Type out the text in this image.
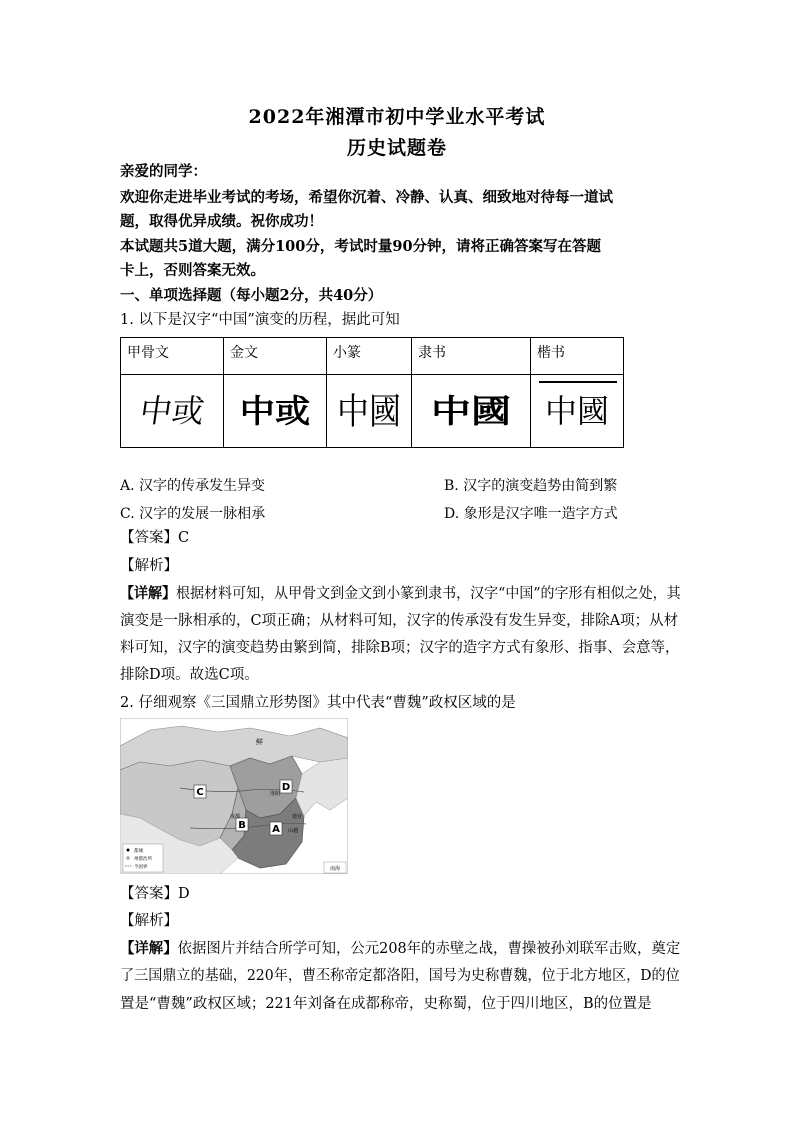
2022年湘潭市初中学业水平考试
历史试题卷
亲爱的同学：
欢迎你走进毕业考试的考场，希望你沉着、冷静、认真、细致地对待每一道试
题，取得优异成绩。祝你成功！
本试题共5道大题，满分100分，考试时量90分钟，请将正确答案写在答题
卡上，否则答案无效。
一、单项选择题（每小题2分，共40分）
1. 以下是汉字“中国”演变的历程，据此可知
甲骨文	金文	小篆	隶书	楷书
中或	中或	中國	中國	中國
A. 汉字的传承发生异变	B. 汉字的演变趋势由简到繁
C. 汉字的发展一脉相承	D. 象形是汉字唯一造字方式
【答案】C
【解析】
【详解】根据材料可知，从甲骨文到金文到小篆到隶书，汉字“中国”的字形有相似之处，其
演变是一脉相承的，C项正确；从材料可知，汉字的传承没有发生异变，排除A项；从材
料可知，汉字的演变趋势由繁到简，排除B项；汉字的造字方式有象形、指事、会意等，
排除D项。故选C项。
2. 仔细观察《三国鼎立形势图》其中代表“曹魏”政权区域的是
C	D
B	A
鲜
成都
洛阳
建业
山越
都城
州郡治所
今国界	南海
【答案】D
【解析】
【详解】依据图片并结合所学可知，公元208年的赤壁之战，曹操被孙刘联军击败，奠定
了三国鼎立的基础，220年，曹丕称帝定都洛阳，国号为史称曹魏，位于北方地区，D的位
置是“曹魏”政权区域；221年刘备在成都称帝，史称蜀，位于四川地区，B的位置是
